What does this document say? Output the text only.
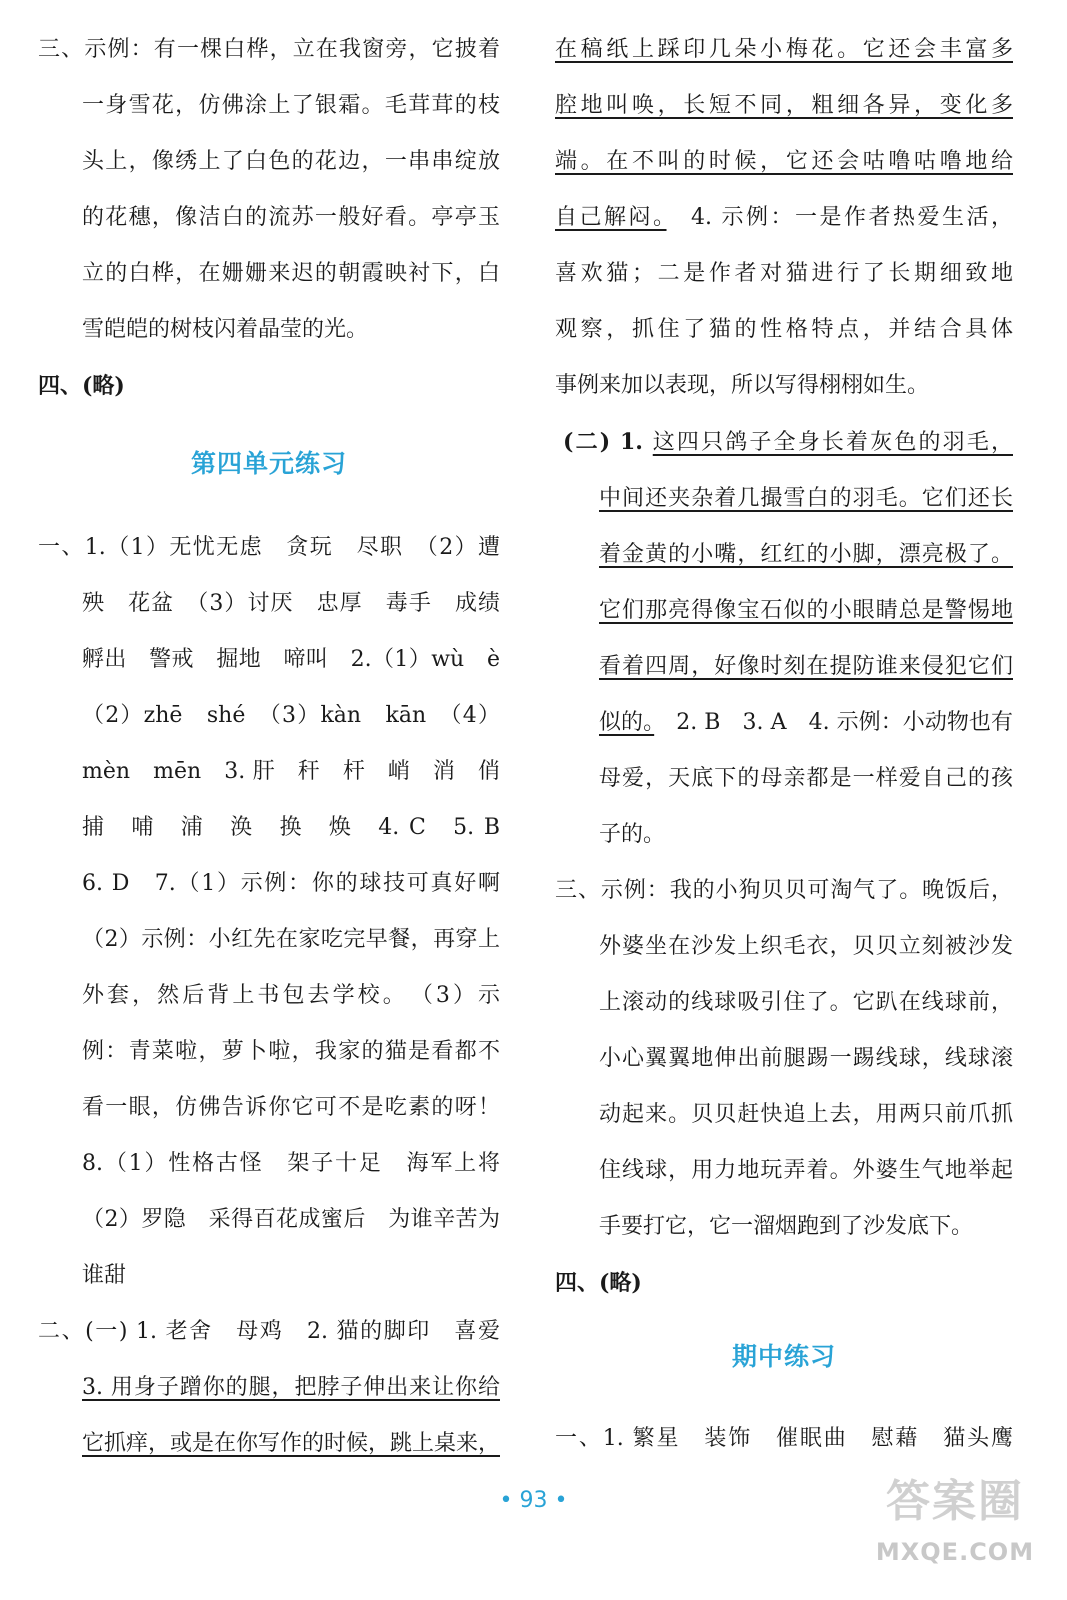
三、示例：有一棵白桦，立在我窗旁，它披着

一身雪花，仿佛涂上了银霜。毛茸茸的枝

头上，像绣上了白色的花边，一串串绽放

的花穗，像洁白的流苏一般好看。亭亭玉

立的白桦，在姗姗来迟的朝霞映衬下，白

雪皑皑的树枝闪着晶莹的光。

四、(略)

第四单元练习

一、1.（1）无忧无虑　贪玩　尽职　（2）遭

殃　花盆　（3）讨厌　忠厚　毒手　成绩

孵出　警戒　掘地　啼叫　2.（1）wù　è

（2）zhē　shé　（3）kàn　kān　（4）

mèn　mēn　3. 肝　秆　杆　峭　消　俏

捕　哺　浦　涣　换　焕　4. C　5. B

6. D　7.（1）示例：你的球技可真好啊

（2）示例：小红先在家吃完早餐，再穿上

外套，然后背上书包去学校。　（3）示

例：青菜啦，萝卜啦，我家的猫是看都不

看一眼，仿佛告诉你它可不是吃素的呀！

8.（1）性格古怪　架子十足　海军上将

（2）罗隐　采得百花成蜜后　为谁辛苦为

谁甜

二、(一) 1. 老舍　母鸡　2. 猫的脚印　喜爱

3. 用身子蹭你的腿，把脖子伸出来让你给

它抓痒，或是在你写作的时候，跳上桌来，

在稿纸上踩印几朵小梅花。它还会丰富多

腔地叫唤，长短不同，粗细各异，变化多

端。在不叫的时候，它还会咕噜咕噜地给

自己解闷。　4. 示例：一是作者热爱生活，

喜欢猫；二是作者对猫进行了长期细致地

观察，抓住了猫的性格特点，并结合具体

事例来加以表现，所以写得栩栩如生。

(二) 1. 这四只鸽子全身长着灰色的羽毛，

中间还夹杂着几撮雪白的羽毛。它们还长

着金黄的小嘴，红红的小脚，漂亮极了。

它们那亮得像宝石似的小眼睛总是警惕地

看着四周，好像时刻在提防谁来侵犯它们

似的。　2. B　3. A　4. 示例：小动物也有

母爱，天底下的母亲都是一样爱自己的孩

子的。

三、示例：我的小狗贝贝可淘气了。晚饭后，

外婆坐在沙发上织毛衣，贝贝立刻被沙发

上滚动的线球吸引住了。它趴在线球前，

小心翼翼地伸出前腿踢一踢线球，线球滚

动起来。贝贝赶快追上去，用两只前爪抓

住线球，用力地玩弄着。外婆生气地举起

手要打它，它一溜烟跑到了沙发底下。

四、(略)

期中练习

一、1. 繁星　装饰　催眠曲　慰藉　猫头鹰

• 93 •	答案圈
MXQE.COM
